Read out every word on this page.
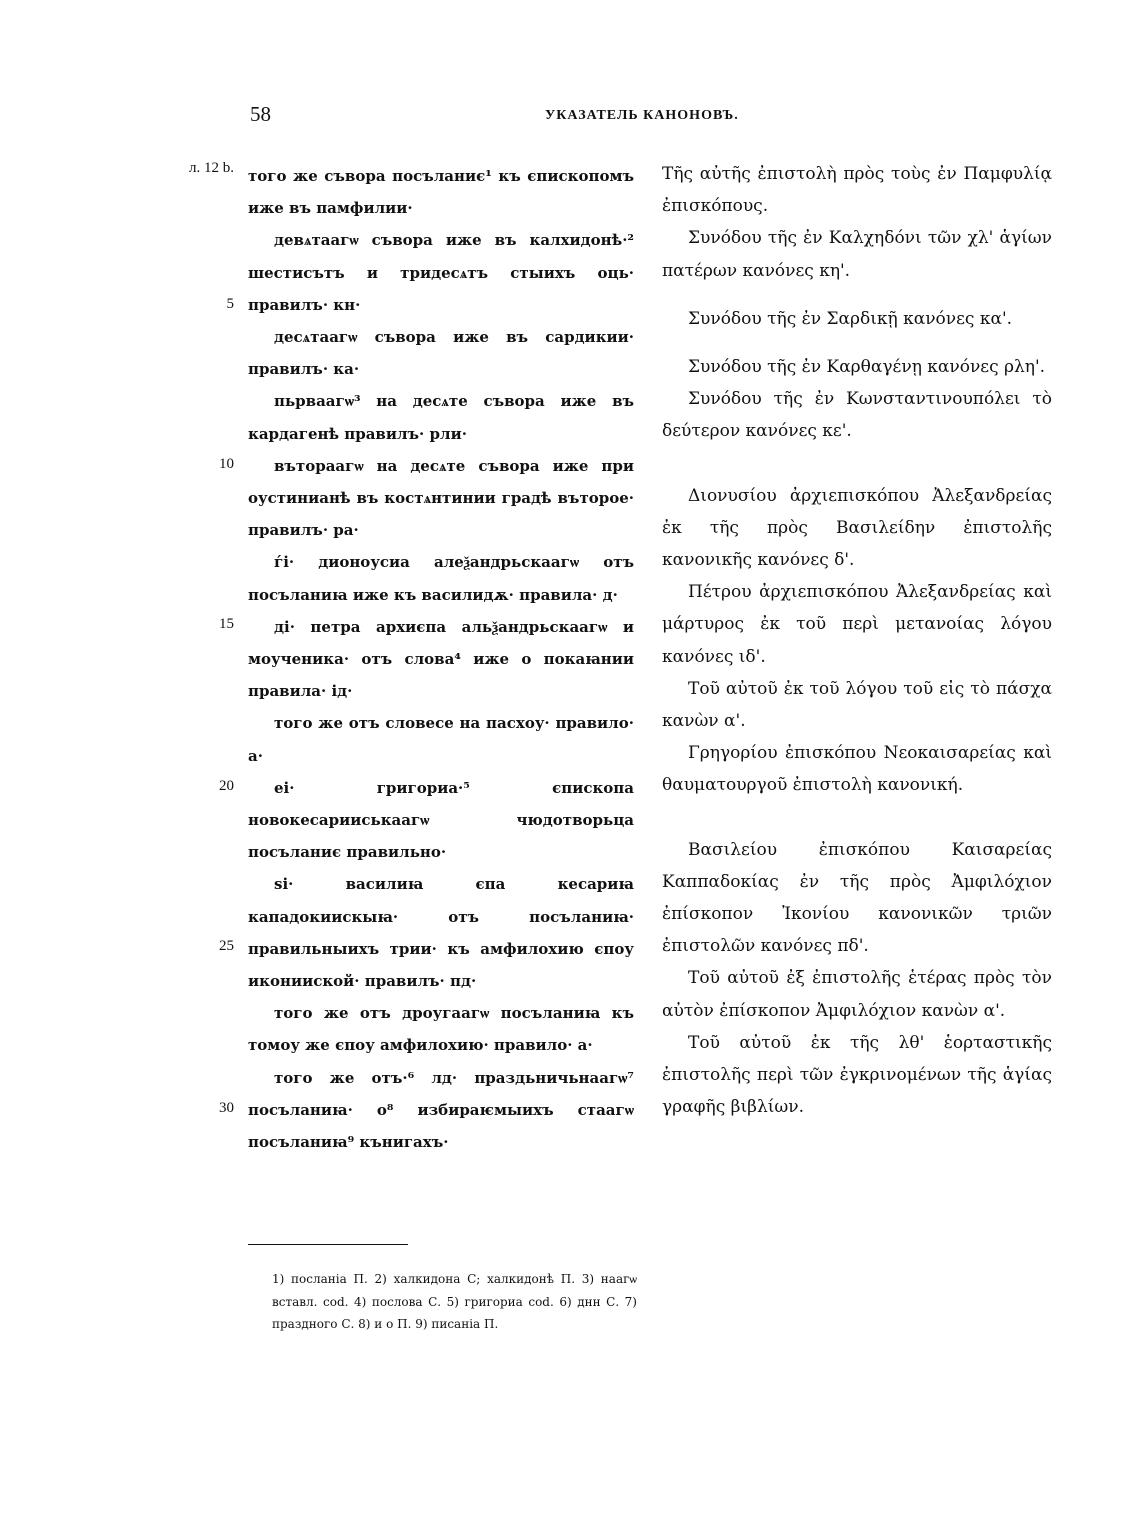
58	УКАЗАТЕЛЬ КАНОНОВЪ.
л. 12 b.
5
10
15
20
25
30

того же съвора посъланиє¹ къ єпископомъ иже въ памфилии·

девѧтаагѡ съвора иже въ калхидонѣ·² шестисътъ и тридесѧтъ стыихъ оць· правилъ· кн·

десѧтаагѡ съвора иже въ сардикии· правилъ· ка·

пьрваагѡ³ на десѧте съвора иже въ кардагенѣ правилъ· рли·

въторaагѡ на десѧте съвора иже при оустиниaнѣ въ костѧнтинии градѣ въторое· правилъ· ра·

ѓі· дионоусиа алеѯандрьскаагѡ отъ посъланиꙗ иже къ василидѫ· правила· д·

ді· петра архиєпа альѯандрьскаагѡ и моученика· отъ слова⁴ иже о покаꙗнии правила· ід·

того же отъ словесе на пасхоу· правило· а·

еі· григориа·⁵ єпископа новокесарииськаагѡ чюдотворьца посъланиє правильно·

ѕі· василиꙗ єпа кесариꙗ кападокиискыꙗ· отъ посъланиꙗ· правильныихъ трии· къ амфилохию єпоу иконииской· правилъ· пд·

того же отъ дроугаагѡ посъланиꙗ къ томоу же єпоу амфилохию· правило· а·

того же отъ·⁶ лд· праздьничьнаагѡ⁷ посъланиꙗ· о⁸ избираѥмыихъ стаагѡ посъланиꙗ⁹ кънигахъ·

Τῆς αὐτῆς ἐπιστολὴ πρὸς τοὺς ἐν Παμφυλίᾳ ἐπισκόπους.

Συνόδου τῆς ἐν Καλχηδόνι τῶν χλ' ἁγίων πατέρων κανόνες κη'.

Συνόδου τῆς ἐν Σαρδικῇ κανόνες κα'.

Συνόδου τῆς ἐν Καρθαγένῃ κανόνες ρλη'.

Συνόδου τῆς ἐν Κωνσταντινουπόλει τὸ δεύτερον κανόνες κε'.

Διονυσίου ἀρχιεπισκόπου Ἀλεξανδρείας ἐκ τῆς πρὸς Βασιλείδην ἐπιστολῆς κανονικῆς κανόνες δ'.

Πέτρου ἀρχιεπισκόπου Ἀλεξανδρείας καὶ μάρτυρος ἐκ τοῦ περὶ μετανοίας λόγου κανόνες ιδ'.

Τοῦ αὐτοῦ ἐκ τοῦ λόγου τοῦ εἰς τὸ πάσχα κανὼν α'.

Γρηγορίου ἐπισκόπου Νεοκαισαρείας καὶ θαυματουργοῦ ἐπιστολὴ κανονική.

Βασιλείου ἐπισκόπου Καισαρείας Καππαδοκίας ἐν τῆς πρὸς Ἀμφιλόχιον ἐπίσκοπον Ἰκονίου κανονικῶν τριῶν ἐπιστολῶν κανόνες πδ'.

Τοῦ αὐτοῦ ἐξ ἐπιστολῆς ἑτέρας πρὸς τὸν αὐτὸν ἐπίσκοπον Ἀμφιλόχιον κανὼν α'.

Τοῦ αὐτοῦ ἐκ τῆς λθ' ἑορταστικῆς ἐπιστολῆς περὶ τῶν ἐγκρινομένων τῆς ἁγίας γραφῆς βιβλίων.

1) посланіа П. 2) халкидона С; халкидонѣ П. 3) наагѡ вставл. cod. 4) послова С. 5) григориа cod. 6) днн С. 7) праздного С. 8) и о П. 9) писаніа П.
